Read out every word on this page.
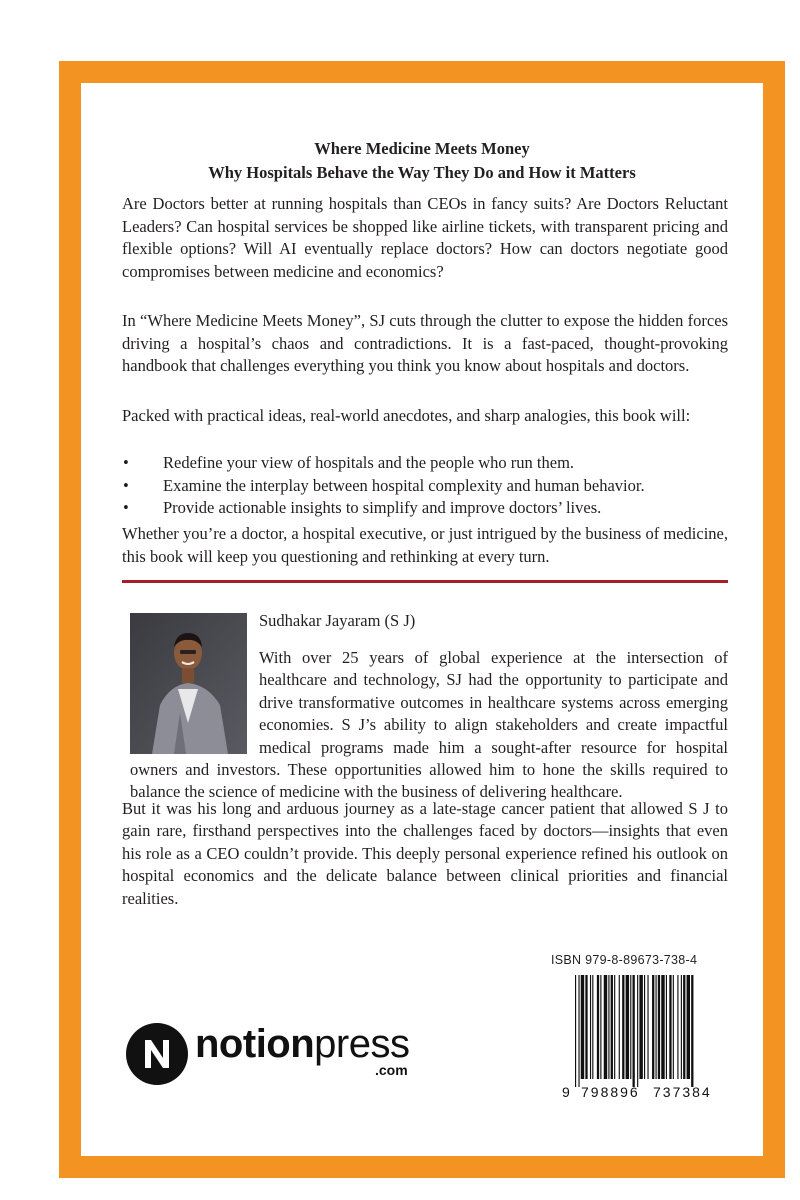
Where Medicine Meets Money
Why Hospitals Behave the Way They Do and How it Matters

Are Doctors better at running hospitals than CEOs in fancy suits? Are Doctors Reluctant Leaders? Can hospital services be shopped like airline tickets, with transparent pricing and flexible options? Will AI eventually replace doctors? How can doctors negotiate good compromises between medicine and economics?

In “Where Medicine Meets Money”, SJ cuts through the clutter to expose the hidden forces driving a hospital’s chaos and contradictions. It is a fast-paced, thought-provoking handbook that challenges everything you think you know about hospitals and doctors.

Packed with practical ideas, real-world anecdotes, and sharp analogies, this book will:

• Redefine your view of hospitals and the people who run them.
• Examine the interplay between hospital complexity and human behavior.
• Provide actionable insights to simplify and improve doctors’ lives.

Whether you’re a doctor, a hospital executive, or just intrigued by the business of medicine, this book will keep you questioning and rethinking at every turn.

Sudhakar Jayaram (S J)

With over 25 years of global experience at the intersection of healthcare and technology, SJ had the opportunity to participate and drive transformative outcomes in healthcare systems across emerging economies. S J’s ability to align stakeholders and create impactful medical programs made him a sought-after resource for hospital owners and investors. These opportunities allowed him to hone the skills required to balance the science of medicine with the business of delivering healthcare.

But it was his long and arduous journey as a late-stage cancer patient that allowed S J to gain rare, firsthand perspectives into the challenges faced by doctors—insights that even his role as a CEO couldn’t provide. This deeply personal experience refined his outlook on hospital economics and the delicate balance between clinical priorities and financial realities.

notionpress
.com
ISBN 979-8-89673-738-4
9 798896 737384
